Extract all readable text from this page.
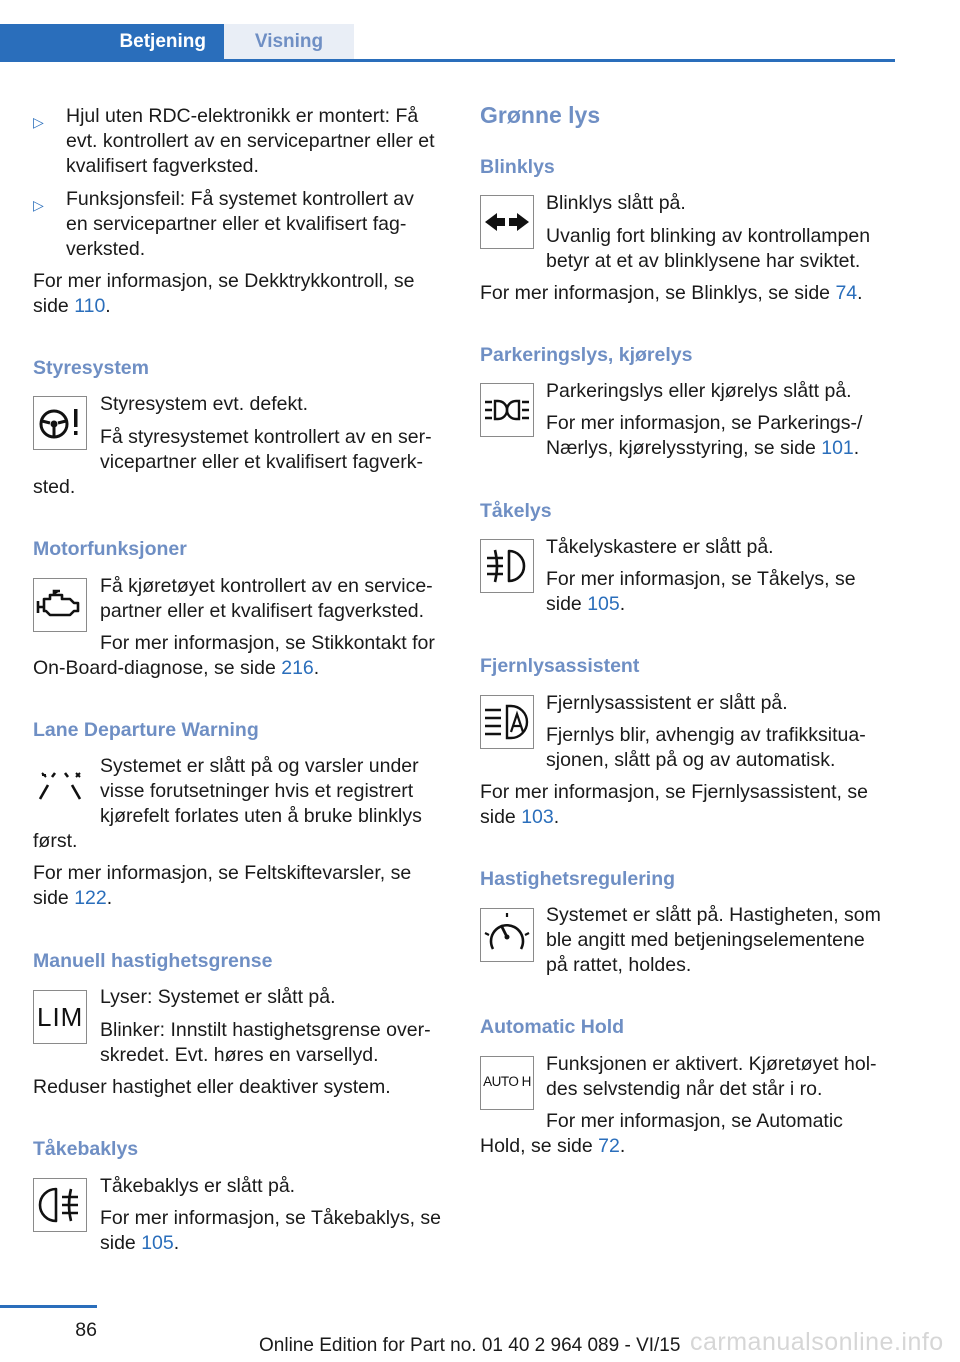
Betjening	Visning
▷ Hjul uten RDC-elektronikk er montert: Få
evt. kontrollert av en servicepartner eller et
kvalifisert fagverksted.
▷ Funksjonsfeil: Få systemet kontrollert av
en servicepartner eller et kvalifisert fag‐
verksted.
For mer informasjon, se Dekktrykkontroll, se
side 110.
Styresystem
Styresystem evt. defekt.
Få styresystemet kontrollert av en ser‐
vicepartner eller et kvalifisert fagverk‐
sted.
Motorfunksjoner
Få kjøretøyet kontrollert av en service‐
partner eller et kvalifisert fagverksted.
For mer informasjon, se Stikkontakt for
On-Board-diagnose, se side 216.
Lane Departure Warning
Systemet er slått på og varsler under
visse forutsetninger hvis et registrert
kjørefelt forlates uten å bruke blinklys
først.
For mer informasjon, se Feltskiftevarsler, se
side 122.
Manuell hastighetsgrense
LIM
Lyser: Systemet er slått på.
Blinker: Innstilt hastighetsgrense over‐
skredet. Evt. høres en varsellyd.
Reduser hastighet eller deaktiver system.
Tåkebaklys
Tåkebaklys er slått på.
For mer informasjon, se Tåkebaklys, se
side 105.
Grønne lys
Blinklys
Blinklys slått på.
Uvanlig fort blinking av kontrollampen
betyr at et av blinklysene har sviktet.
For mer informasjon, se Blinklys, se side 74.
Parkeringslys, kjørelys
Parkeringslys eller kjørelys slått på.
For mer informasjon, se Parkerings-/
Nærlys, kjørelysstyring, se side 101.
Tåkelys
Tåkelyskastere er slått på.
For mer informasjon, se Tåkelys, se
side 105.
Fjernlysassistent
Fjernlysassistent er slått på.
Fjernlys blir, avhengig av trafikksitua‐
sjonen, slått på og av automatisk.
For mer informasjon, se Fjernlysassistent, se
side 103.
Hastighetsregulering
Systemet er slått på. Hastigheten, som
ble angitt med betjeningselementene
på rattet, holdes.
Automatic Hold
AUTO H
Funksjonen er aktivert. Kjøretøyet hol‐
des selvstendig når det står i ro.
For mer informasjon, se Automatic
Hold, se side 72.
86
Online Edition for Part no. 01 40 2 964 089 - VI/15 carmanualsonline.info
